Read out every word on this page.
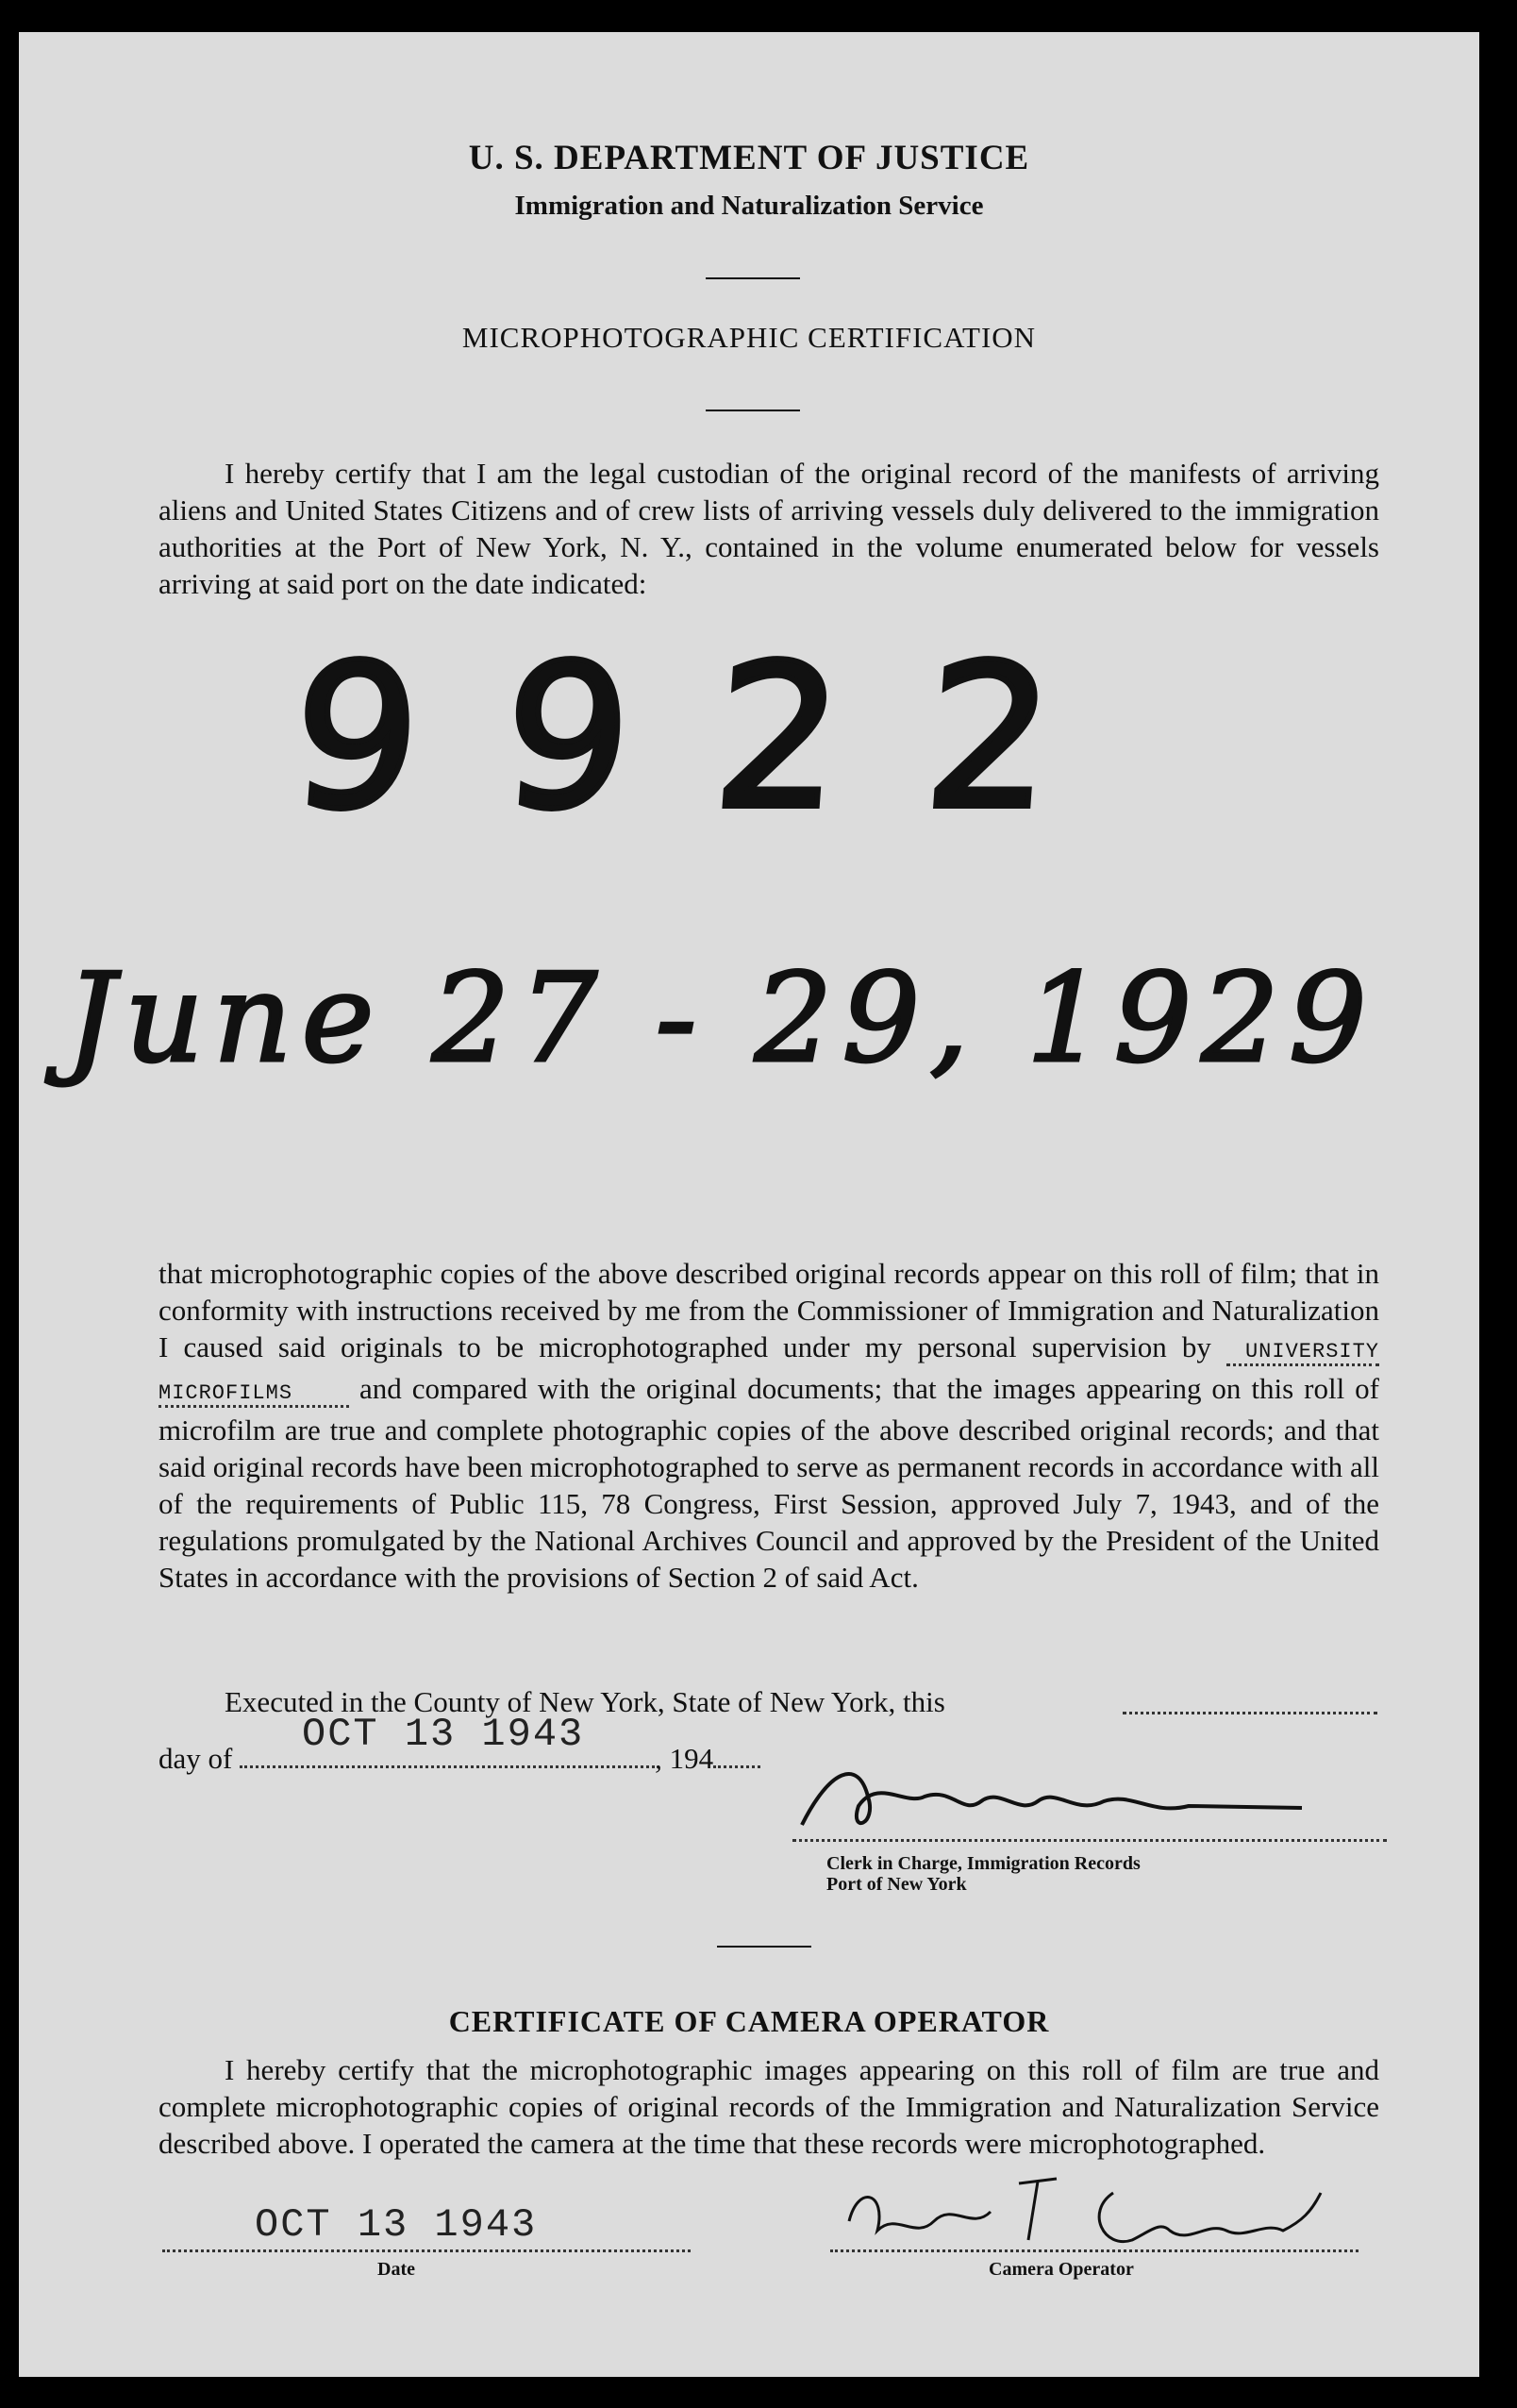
U. S. DEPARTMENT OF JUSTICE
Immigration and Naturalization Service
MICROPHOTOGRAPHIC CERTIFICATION
I hereby certify that I am the legal custodian of the original record of the manifests of arriving aliens and United States Citizens and of crew lists of arriving vessels duly delivered to the immigration authorities at the Port of New York, N. Y., contained in the volume enumerated below for vessels arriving at said port on the date indicated:
9922
June 27 - 29, 1929
that microphotographic copies of the above described original records appear on this roll of film; that in conformity with instructions received by me from the Commissioner of Immigration and Naturalization I caused said originals to be microphotographed under my personal supervision by UNIVERSITY MICROFILMS and compared with the original documents; that the images appearing on this roll of microfilm are true and complete photographic copies of the above described original records; and that said original records have been microphotographed to serve as permanent records in accordance with all of the requirements of Public 115, 78 Congress, First Session, approved July 7, 1943, and of the regulations promulgated by the National Archives Council and approved by the President of the United States in accordance with the provisions of Section 2 of said Act.
Executed in the County of New York, State of New York, this
day of	, 194
OCT 13 1943
Clerk in Charge, Immigration Records
Port of New York
CERTIFICATE OF CAMERA OPERATOR
I hereby certify that the microphotographic images appearing on this roll of film are true and complete microphotographic copies of original records of the Immigration and Naturalization Service described above. I operated the camera at the time that these records were microphotographed.
OCT 13 1943
Date	Camera Operator
